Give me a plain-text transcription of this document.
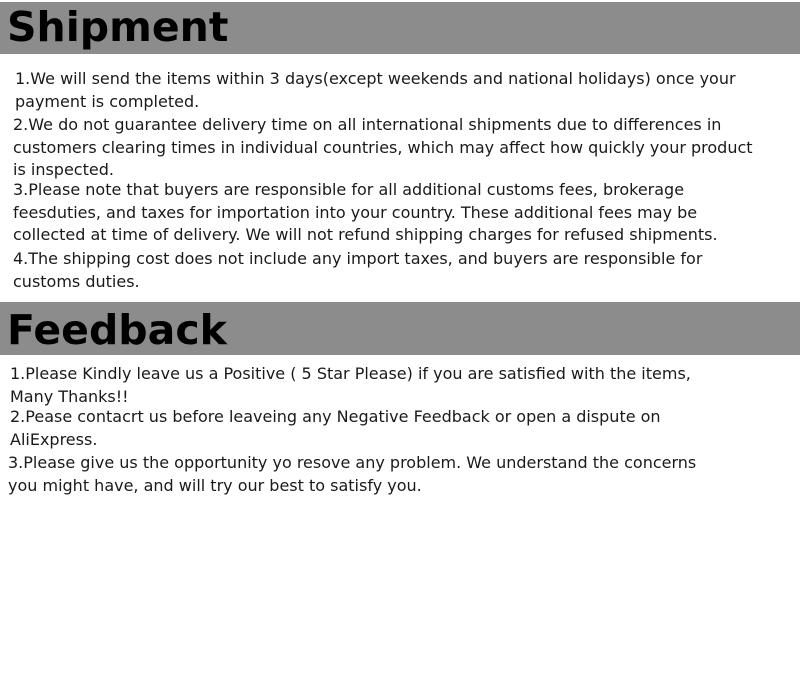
Shipment
1.We will send the items within 3 days(except weekends and national holidays) once your
payment is completed.
2.We do not guarantee delivery time on all international shipments due to differences in
customers clearing times in individual countries, which may affect how quickly your product
is inspected.
3.Please note that buyers are responsible for all additional customs fees, brokerage
feesduties, and taxes for importation into your country. These additional fees may be
collected at time of delivery. We will not refund shipping charges for refused shipments.
4.The shipping cost does not include any import taxes, and buyers are responsible for
customs duties.
Feedback
1.Please Kindly leave us a Positive ( 5 Star Please) if you are satisfied with the items,
Many Thanks!!
2.Pease contacrt us before leaveing any Negative Feedback or open a dispute on
AliExpress.
3.Please give us the opportunity yo resove any problem. We understand the concerns
you might have, and will try our best to satisfy you.
